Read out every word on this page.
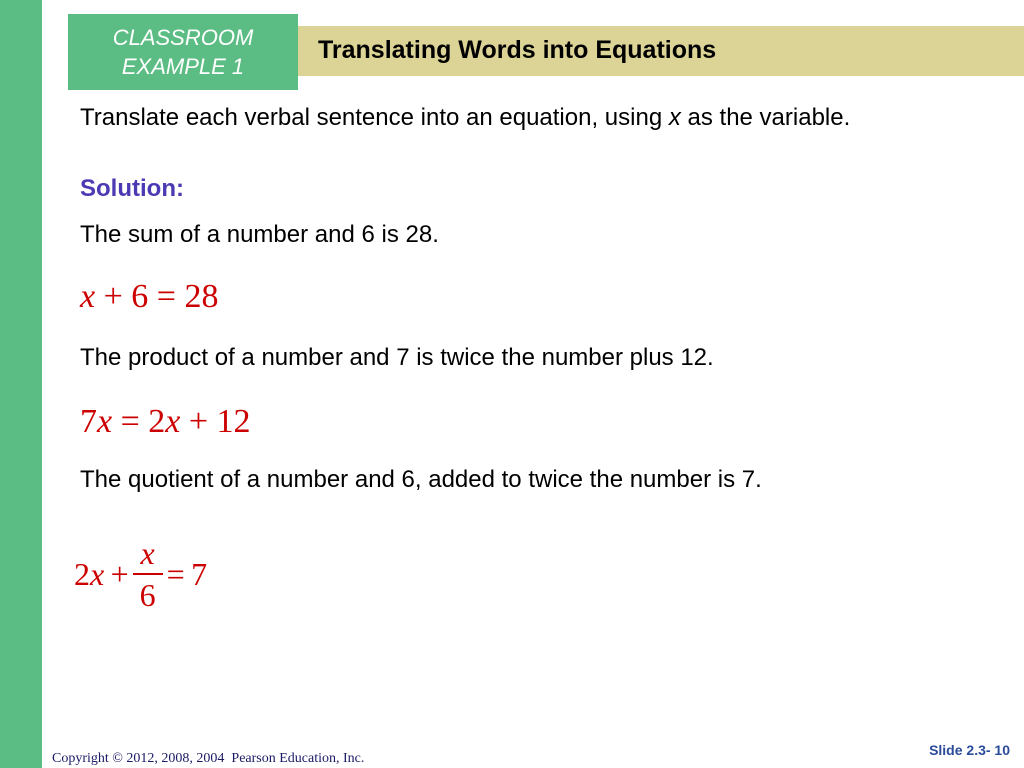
Translating Words into Equations
CLASSROOM
EXAMPLE 1
Translate each verbal sentence into an equation, using x as the variable.
Solution:
The sum of a number and 6 is 28.
x + 6 = 28
The product of a number and 7 is twice the number plus 12.
7x = 2x + 12
The quotient of a number and 6, added to twice the number is 7.
$2x + \frac{x}{6} = 7$
Copyright © 2012, 2008, 2004  Pearson Education, Inc.
Slide 2.3- 10
